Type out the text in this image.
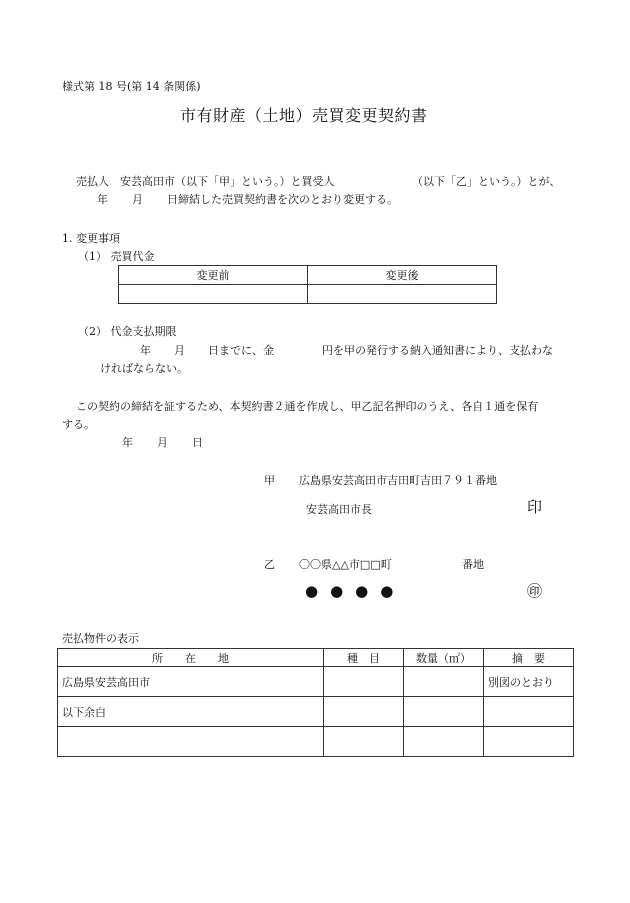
様式第 18 号(第 14 条関係)
市有財産（土地）売買変更契約書
売払人　安芸高田市（以下「甲」という。）と買受人	（以下「乙」という。）とが、
年 月 日締結した売買契約書を次のとおり変更する。
1. 変更事項
（1） 売買代金
変更前	変更後

（2） 代金支払期限
年 月 日までに、金	円を甲の発行する納入通知書により、支払わな
ければならない。
この契約の締結を証するため、本契約書２通を作成し、甲乙記名押印のうえ、各自１通を保有
する。
年 月 日
甲 広島県安芸高田市吉田町吉田７９１番地
安芸高田市長	印
乙 〇〇県△△市□□町	番地
●●●●	㊞
売払物件の表示
所　　在　　地	種　目	数量（㎡）	摘　要
広島県安芸高田市			別図のとおり
以下余白			
